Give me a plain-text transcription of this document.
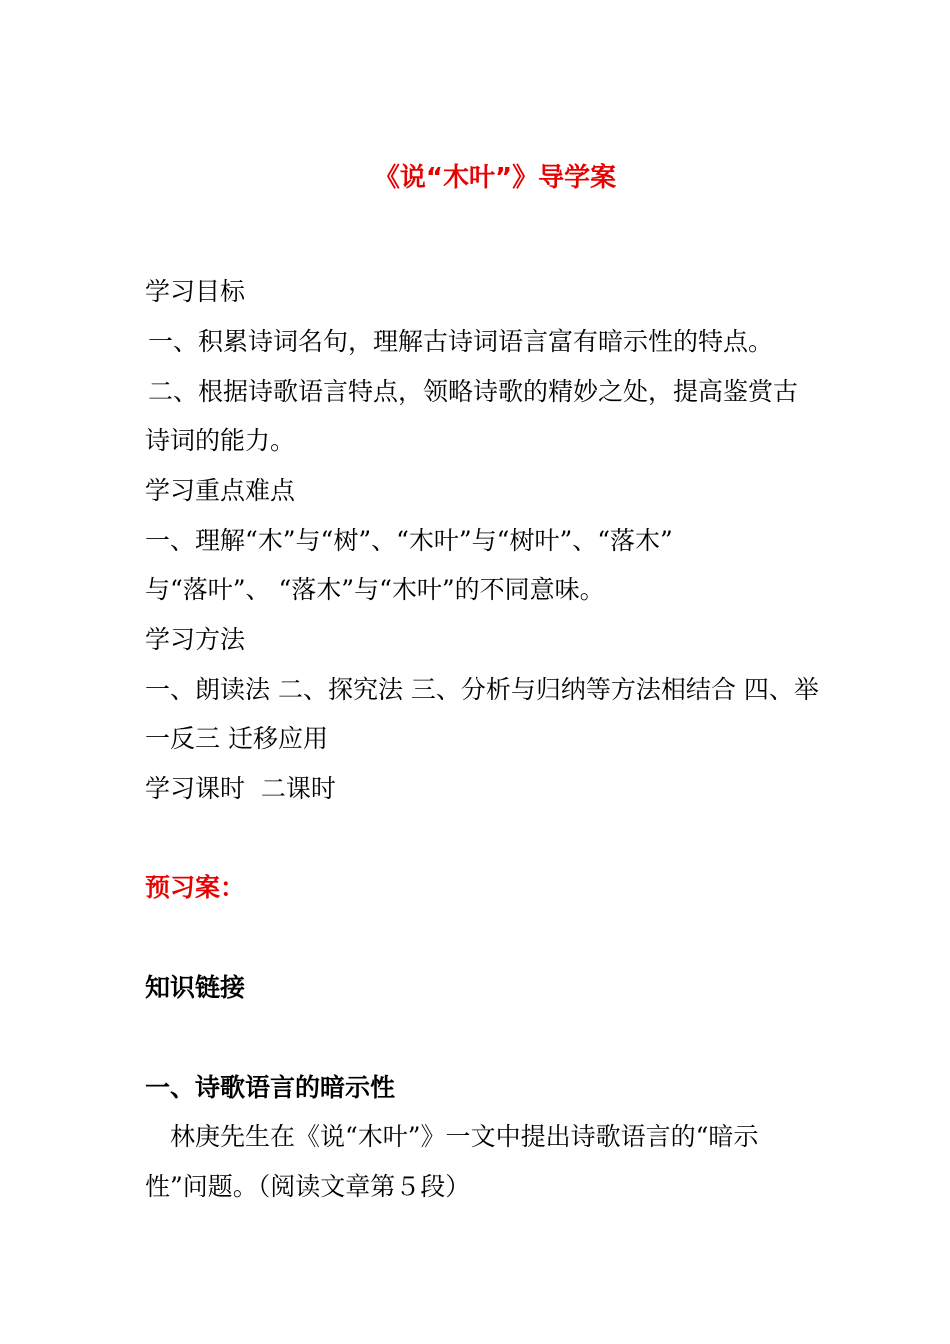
《说“木叶”》导学案
学习目标
一、积累诗词名句，理解古诗词语言富有暗示性的特点。
二、根据诗歌语言特点，领略诗歌的精妙之处，提高鉴赏古
诗词的能力。
学习重点难点
一、理解“木”与“树”、“木叶”与“树叶”、“落木”
与“落叶”、 “落木”与“木叶”的不同意味。
学习方法
一、朗读法 二、探究法 三、分析与归纳等方法相结合 四、举
一反三 迁移应用
学习课时  二课时
预习案：
知识链接
一、诗歌语言的暗示性
林庚先生在《说“木叶”》一文中提出诗歌语言的“暗示
性”问题。（阅读文章第５段）
